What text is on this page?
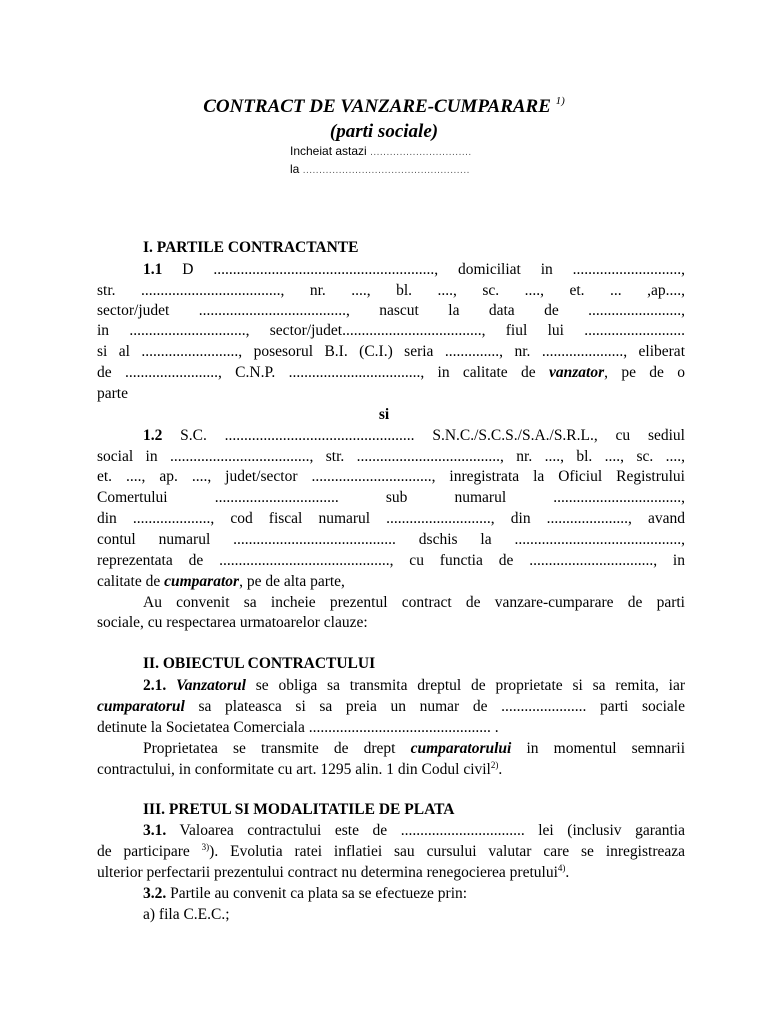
CONTRACT DE VANZARE-CUMPARARE $^{1)}$
(parti sociale)
Incheiat astazi ...............................
la ...................................................
I. PARTILE CONTRACTANTE
1.1 D ........................................................., domiciliat in ............................,
str. ...................................., nr. ...., bl. ...., sc. ...., et. ... ,ap....,
sector/judet ......................................, nascut la data de ........................,
in .............................., sector/judet...................................., fiul lui ..........................
si al ........................., posesorul B.I. (C.I.) seria .............., nr. ....................., eliberat
de ........................, C.N.P. .................................., in calitate de vanzator, pe de o
parte
si
1.2 S.C. ................................................. S.N.C./S.C.S./S.A./S.R.L., cu sediul
social in ...................................., str. ....................................., nr. ...., bl. ...., sc. ....,
et. ...., ap. ...., judet/sector ..............................., inregistrata la Oficiul Registrului
Comertului ................................ sub numarul .................................,
din ...................., cod fiscal numarul ..........................., din ....................., avand
contul numarul .......................................... dschis la ...........................................,
reprezentata de ............................................, cu functia de ................................, in
calitate de cumparator, pe de alta parte,
Au convenit sa incheie prezentul contract de vanzare-cumparare de parti
sociale, cu respectarea urmatoarelor clauze:
II. OBIECTUL CONTRACTULUI
2.1. Vanzatorul se obliga sa transmita dreptul de proprietate si sa remita, iar
cumparatorul sa plateasca si sa preia un numar de ...................... parti sociale
detinute la Societatea Comerciala ............................................... .
Proprietatea se transmite de drept cumparatorului in momentul semnarii
contractului, in conformitate cu art. 1295 alin. 1 din Codul civil$^{2)}$.
III. PRETUL SI MODALITATILE DE PLATA
3.1. Valoarea contractului este de ................................ lei (inclusiv garantia
de participare $^{3)}$). Evolutia ratei inflatiei sau cursului valutar care se inregistreaza
ulterior perfectarii prezentului contract nu determina renegocierea pretului$^{4)}$.
3.2. Partile au convenit ca plata sa se efectueze prin:
a) fila C.E.C.;
